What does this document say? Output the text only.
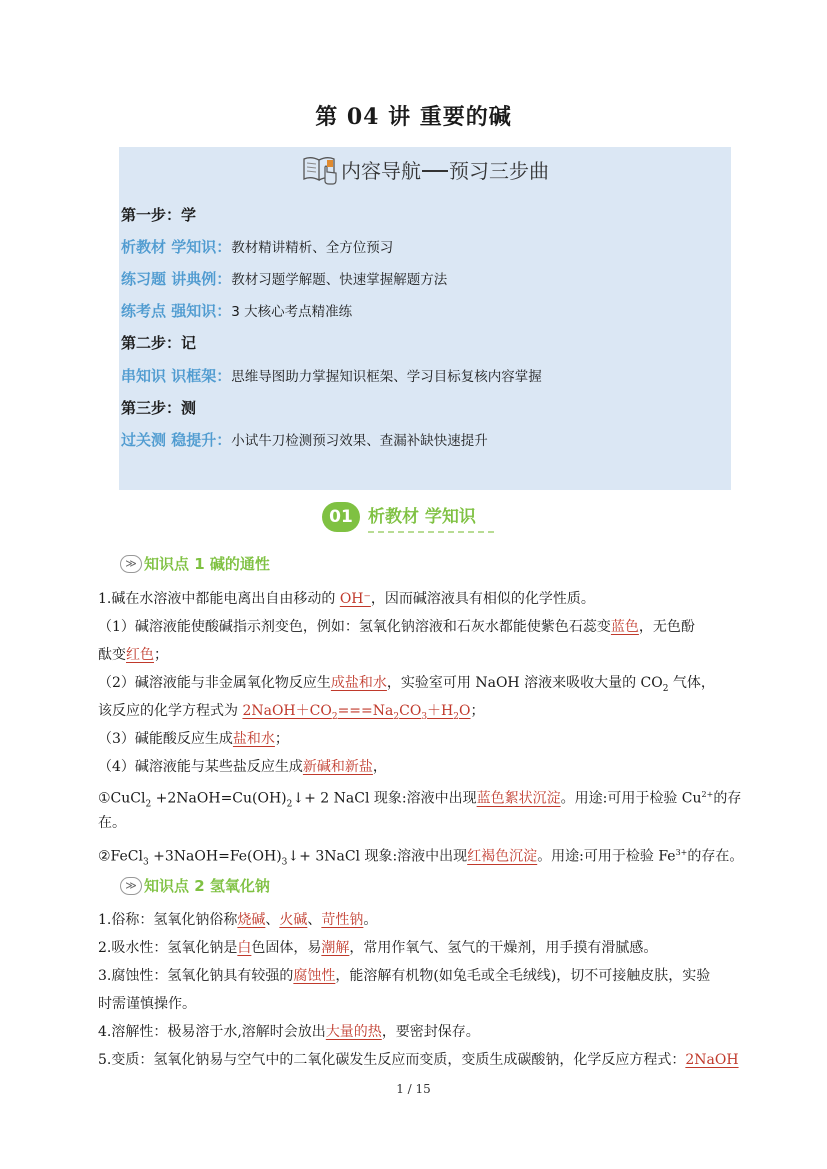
第 04 讲 重要的碱
内容导航 预习三步曲
第一步：学
析教材 学知识：教材精讲精析、全方位预习
练习题 讲典例：教材习题学解题、快速掌握解题方法
练考点 强知识：3 大核心考点精准练
第二步：记
串知识 识框架：思维导图助力掌握知识框架、学习目标复核内容掌握
第三步：测
过关测 稳提升：小试牛刀检测预习效果、查漏补缺快速提升
01 析教材 学知识
≫ 知识点 1 碱的通性
1.碱在水溶液中都能电离出自由移动的 OH⁻，因而碱溶液具有相似的化学性质。
（1）碱溶液能使酸碱指示剂变色，例如：氢氧化钠溶液和石灰水都能使紫色石蕊变蓝色，无色酚
酞变红色；
（2）碱溶液能与非金属氧化物反应生成盐和水，实验室可用 NaOH 溶液来吸收大量的 $CO_2$ 气体，
该反应的化学方程式为 $2NaOH+CO_2===Na_2CO_3+H_2O$；
（3）碱能酸反应生成盐和水；
（4）碱溶液能与某些盐反应生成新碱和新盐，
①CuCl$_2$ $+2NaOH=Cu(OH)_2↓+ 2$ NaCl 现象:溶液中出现蓝色絮状沉淀。用途:可用于检验 $Cu^{2+}$的存
在。
②FeCl$_3$ $+3NaOH=Fe(OH)_3↓+$ 3NaCl 现象:溶液中出现红褐色沉淀。用途:可用于检验 $Fe^{3+}$的存在。
≫ 知识点 2 氢氧化钠
1.俗称：氢氧化钠俗称烧碱、火碱、苛性钠。
2.吸水性：氢氧化钠是白色固体，易潮解，常用作氧气、氢气的干燥剂，用手摸有滑腻感。
3.腐蚀性：氢氧化钠具有较强的腐蚀性，能溶解有机物(如兔毛或全毛绒线)，切不可接触皮肤，实验
时需谨慎操作。
4.溶解性：极易溶于水,溶解时会放出大量的热，要密封保存。
5.变质：氢氧化钠易与空气中的二氧化碳发生反应而变质，变质生成碳酸钠，化学反应方程式：2NaOH
1 / 15
